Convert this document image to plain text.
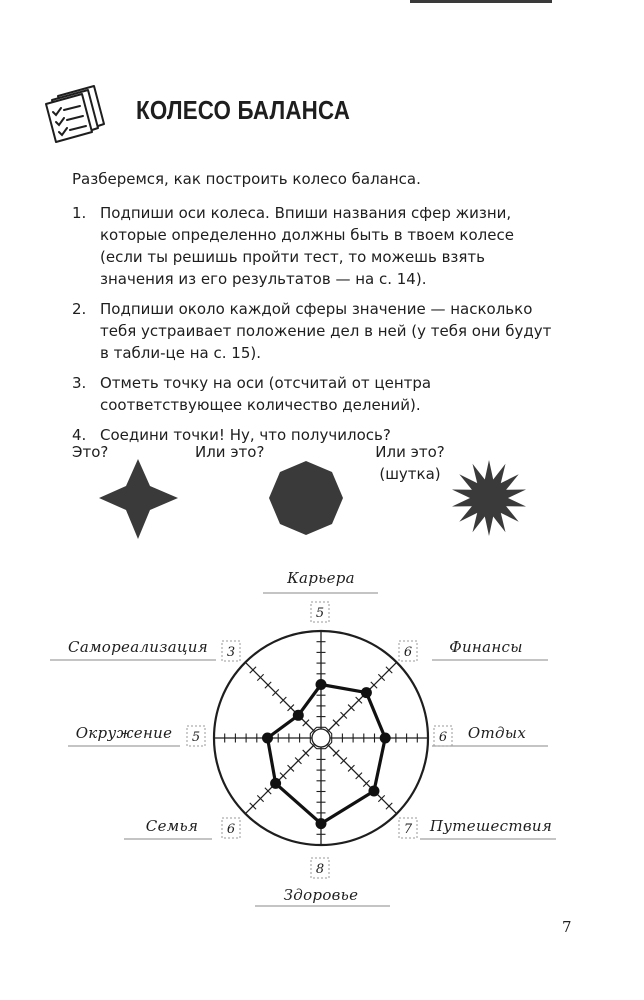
КОЛЕСО БАЛАНСА
Разберемся, как построить колесо баланса.
1. Подпиши оси колеса. Впиши названия сфер жизни, которые определенно должны быть в твоем колесе (если ты решишь пройти тест, то можешь взять значения из его результатов — на с. 14).
2. Подпиши около каждой сферы значение — насколько тебя устраивает положение дел в ней (у тебя они будут в табли-це на с. 15).
3. Отметь точку на оси (отсчитай от центра соответствующее количество делений).
4. Соедини точки! Ну, что получилось?
Это?	Или это?	Или это?
(шутка)
Карьера
5
Финансы
6
Отдых
6
Путешествия
7
Здоровье
8
Семья 6
Окружение 5
Самореализация 3
7
